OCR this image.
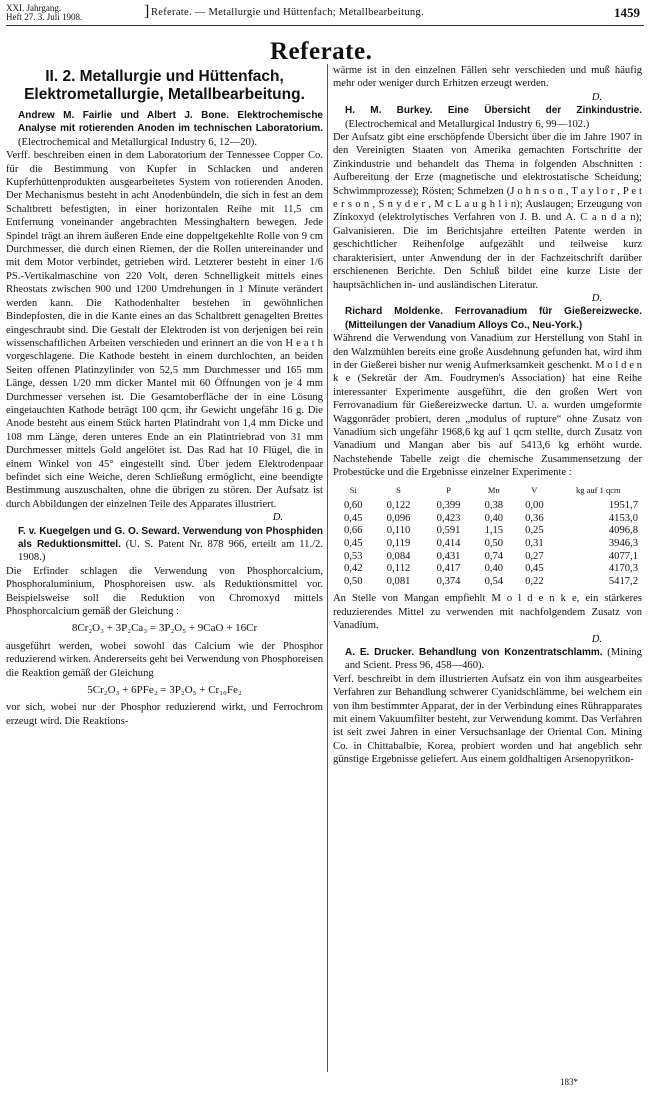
XXI. Jahrgang.
Heft 27. 3. Juli 1908.	] Referate. — Metallurgie und Hüttenfach; Metallbearbeitung.	1459
Referate.
II. 2. Metallurgie und Hüttenfach, Elektrometallurgie, Metallbearbeitung.

Andrew M. Fairlie und Albert J. Bone. Elektrochemische Analyse mit rotierenden Anoden im technischen Laboratorium. (Electrochemical and Metallurgical Industry 6, 12—20).

Verff. beschreiben einen in dem Laboratorium der Tennessee Copper Co. für die Bestimmung von Kupfer in Schlacken und anderen Kupferhüttenprodukten ausgearbeitetes System von rotierenden Anoden. Der Mechanismus besteht in acht Anodenbündeln, die sich in fest an dem Schaltbrett befestigten, in einer horizontalen Reihe mit 11,5 cm Entfernung voneinander angebrachten Messinghaltern bewegen. Jede Spindel trägt an ihrem äußeren Ende eine doppeltgekehlte Rolle von 9 cm Durchmesser, die durch einen Riemen, der die Rollen untereinander und mit dem Motor verbindet, getrieben wird. Letzterer besteht in einer 1/6 PS.-Vertikalmaschine von 220 Volt, deren Schnelligkeit mittels eines Rheostats zwischen 900 und 1200 Umdrehungen in 1 Minute verändert werden kann. Die Kathodenhalter bestehen in gewöhnlichen Bindepfosten, die in die Kante eines an das Schaltbrett genagelten Brettes eingeschraubt sind. Die Gestalt der Elektroden ist von derjenigen bei rein wissenschaftlichen Arbeiten verschieden und erinnert an die von H e a t h vorgeschlagene. Die Kathode besteht in einem durchlochten, an beiden Seiten offenen Platinzylinder von 52,5 mm Durchmesser und 165 mm Länge, dessen 1/20 mm dicker Mantel mit 60 Öffnungen von je 4 mm Durchmesser versehen ist. Die Gesamtoberfläche der in eine Lösung eingetauchten Kathode beträgt 100 qcm, ihr Gewicht ungefähr 16 g. Die Anode besteht aus einem Stück harten Platindraht von 1,4 mm Dicke und 108 mm Länge, deren unteres Ende an ein Platintriebrad von 31 mm Durchmesser mittels Gold angelötet ist. Das Rad hat 10 Flügel, die in einem Winkel von 45° eingestellt sind. Über jedem Elektrodenpaar befindet sich eine Weiche, deren Schließung ermöglicht, eine beendigte Bestimmung auszuschalten, ohne die übrigen zu stören. Der Aufsatz ist durch Abbildungen der einzelnen Teile des Apparates illustriert.

D.

F. v. Kuegelgen und G. O. Seward. Verwendung von Phosphiden als Reduktionsmittel. (U. S. Patent Nr. 878 966, erteilt am 11./2. 1908.)

Die Erfinder schlagen die Verwendung von Phosphorcalcium, Phosphoraluminium, Phosphoreisen usw. als Reduktionsmittel vor. Beispielsweise soll die Reduktion von Chromoxyd mittels Phosphorcalcium gemäß der Gleichung :

8Cr₂O₃ + 3P₂Ca₃ = 3P₂O₅ + 9CaO + 16Cr

ausgeführt werden, wobei sowohl das Calcium wie der Phosphor reduzierend wirken. Andererseits geht bei Verwendung von Phosphoreisen die Reaktion gemäß der Gleichung

5Cr₂O₃ + 6PFe₂ = 3P₂O₅ + Cr₁₀Fe₂

vor sich, wobei nur der Phosphor reduzierend wirkt, und Ferrochrom erzeugt wird. Die Reaktions-

wärme ist in den einzelnen Fällen sehr verschieden und muß häufig mehr oder weniger durch Erhitzen erzeugt werden.

D.

H. M. Burkey. Eine Übersicht der Zinkindustrie. (Electrochemical and Metallurgical Industry 6, 99—102.)

Der Aufsatz gibt eine erschöpfende Übersicht über die im Jahre 1907 in den Vereinigten Staaten von Amerika gemachten Fortschritte der Zinkindustrie und behandelt das Thema in folgenden Abschnitten : Aufbereitung der Erze (magnetische und elektrostatische Scheidung; Schwimmprozesse); Rösten; Schmelzen (J o h n s o n , T a y l o r , P e t e r s o n , S n y d e r , M c L a u g h l i n); Auslaugen; Erzeugung von Zinkoxyd (elektrolytisches Verfahren von J. B. und A. C a n d a n); Galvanisieren. Die im Berichtsjahre erteilten Patente werden in geschichtlicher Reihenfolge aufgezählt und teilweise kurz charakterisiert, unter Anwendung der in der Fachzeitschrift darüber erschienenen Berichte. Den Schluß bildet eine kurze Liste der hauptsächlichen in- und ausländischen Literatur.

D.

Richard Moldenke. Ferrovanadium für Gießereizwecke. (Mitteilungen der Vanadium Alloys Co., Neu-York.)

Während die Verwendung von Vanadium zur Herstellung von Stahl in den Walzmühlen bereits eine große Ausdehnung gefunden hat, wird ihm in der Gießerei bisher nur wenig Aufmerksamkeit geschenkt. M o l d e n k e (Sekretär der Am. Foudrymen's Association) hat eine Reihe interessanter Experimente ausgeführt, die den großen Wert von Ferrovanadium für Gießereizwecke dartun. U. a. wurden umgeformte Waggonräder probiert, deren „modulus of rupture“ ohne Zusatz von Vanadium sich ungefähr 1968,6 kg auf 1 qcm stellte, durch Zusatz von Vanadium und Mangan aber bis auf 5413,6 kg erhöht wurde. Nachstehende Tabelle zeigt die chemische Zusammensetzung der Probestücke und die Ergebnisse einzelner Experimente :

Si	S	P	Mn	V	kg auf 1 qcm
0,60	0,122	0,399	0,38	0,00	1951,7
0,45	0,096	0,423	0,40	0,36	4153,0
0,66	0,110	0,591	1,15	0,25	4096,8
0,45	0,119	0,414	0,50	0,31	3946,3
0,53	0,084	0,431	0,74	0,27	4077,1
0,42	0,112	0,417	0,40	0,45	4170,3
0,50	0,081	0,374	0,54	0,22	5417,2

An Stelle von Mangan empfiehlt M o l d e n k e, ein stärkeres reduzierendes Mittel zu verwenden mit nachfolgendem Zusatz von Vanadium.

D.

A. E. Drucker. Behandlung von Konzentratschlamm. (Mining and Scient. Press 96, 458—460).

Verf. beschreibt in dem illustrierten Aufsatz ein von ihm ausgearbeites Verfahren zur Behandlung schwerer Cyanidschlämme, bei welchem ein von ihm bestimmter Apparat, der in der Verbindung eines Rührapparates mit einem Vakuumfilter besteht, zur Verwendung kommt. Das Verfahren ist seit zwei Jahren in einer Versuchsanlage der Oriental Con. Mining Co. in Chittabalbie, Korea, probiert worden und hat angeblich sehr günstige Ergebnisse geliefert. Aus einem goldhaltigen Arsenopyritkon-

183*
